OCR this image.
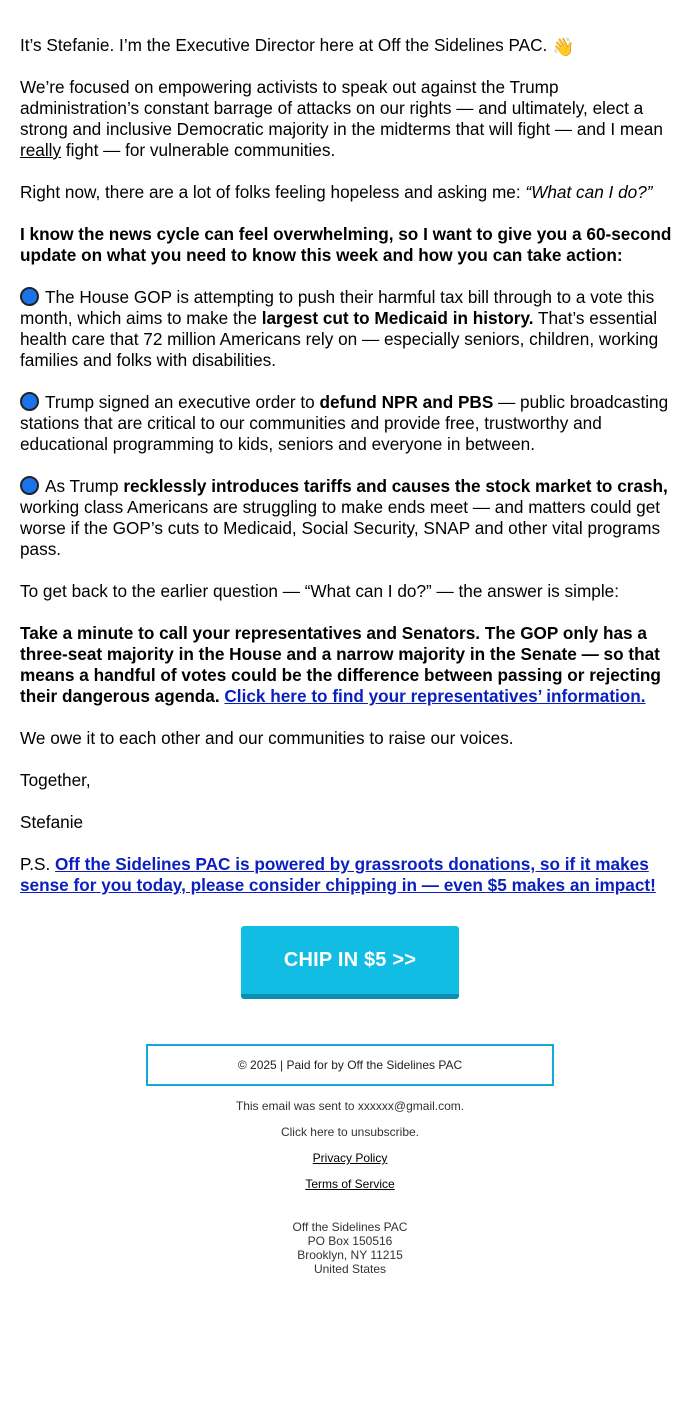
It’s Stefanie. I’m the Executive Director here at Off the Sidelines PAC. 👋

We’re focused on empowering activists to speak out against the Trump administration’s constant barrage of attacks on our rights — and ultimately, elect a strong and inclusive Democratic majority in the midterms that will fight — and I mean really fight — for vulnerable communities.

Right now, there are a lot of folks feeling hopeless and asking me: “What can I do?”

I know the news cycle can feel overwhelming, so I want to give you a 60-second update on what you need to know this week and how you can take action:

The House GOP is attempting to push their harmful tax bill through to a vote this month, which aims to make the largest cut to Medicaid in history. That’s essential health care that 72 million Americans rely on — especially seniors, children, working families and folks with disabilities.

Trump signed an executive order to defund NPR and PBS — public broadcasting stations that are critical to our communities and provide free, trustworthy and educational programming to kids, seniors and everyone in between.

As Trump recklessly introduces tariffs and causes the stock market to crash, working class Americans are struggling to make ends meet — and matters could get worse if the GOP’s cuts to Medicaid, Social Security, SNAP and other vital programs pass.

To get back to the earlier question — “What can I do?” — the answer is simple:

Take a minute to call your representatives and Senators. The GOP only has a three-seat majority in the House and a narrow majority in the Senate — so that means a handful of votes could be the difference between passing or rejecting their dangerous agenda. Click here to find your representatives’ information.

We owe it to each other and our communities to raise our voices.

Together,

Stefanie

P.S. Off the Sidelines PAC is powered by grassroots donations, so if it makes sense for you today, please consider chipping in — even $5 makes an impact!

CHIP IN $5 >>
© 2025 | Paid for by Off the Sidelines PAC
This email was sent to xxxxxx@gmail.com.
Click here to unsubscribe.
Privacy Policy
Terms of Service
Off the Sidelines PAC
PO Box 150516
Brooklyn, NY 11215
United States
